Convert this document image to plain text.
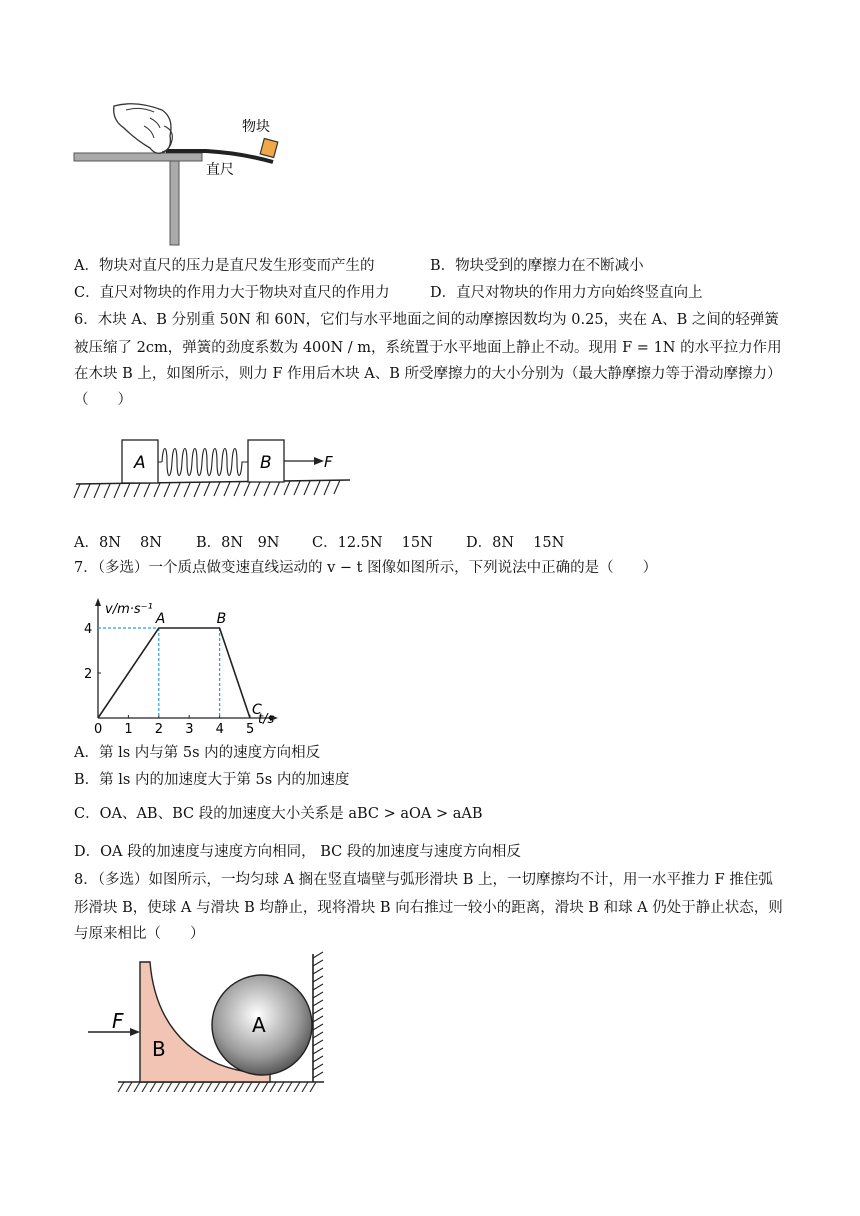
物块
直尺
A．物块对直尺的压力是直尺发生形变而产生的	B．物块受到的摩擦力在不断减小
C．直尺对物块的作用力大于物块对直尺的作用力	D．直尺对物块的作用力方向始终竖直向上
6．木块 A、B 分别重 50N 和 60N，它们与水平地面之间的动摩擦因数均为 0.25，夹在 A、B 之间的轻弹簧
被压缩了 2cm，弹簧的劲度系数为 400N / m，系统置于水平地面上静止不动。现用 F = 1N 的水平拉力作用
在木块 B 上，如图所示，则力 F 作用后木块 A、B 所受摩擦力的大小分别为（最大静摩擦力等于滑动摩擦力）
（　　）
A	B	F
A．8N　 8N B．8N　9N C．12.5N　 15N D．8N　 15N
7．（多选）一个质点做变速直线运动的 v − t 图像如图所示，下列说法中正确的是（　　）
v/m·s⁻¹
t/s
0 1 2 3 4 5
2
4
A	B
C
A．第 ls 内与第 5s 内的速度方向相反
B．第 ls 内的加速度大于第 5s 内的加速度
C．OA、AB、BC 段的加速度大小关系是 aBC > aOA > aAB
D．OA 段的加速度与速度方向相同， BC 段的加速度与速度方向相反
8．（多选）如图所示，一均匀球 A 搁在竖直墙壁与弧形滑块 B 上，一切摩擦均不计，用一水平推力 F 推住弧
形滑块 B，使球 A 与滑块 B 均静止，现将滑块 B 向右推过一较小的距离，滑块 B 和球 A 仍处于静止状态，则
与原来相比（　　）
A
B
F
